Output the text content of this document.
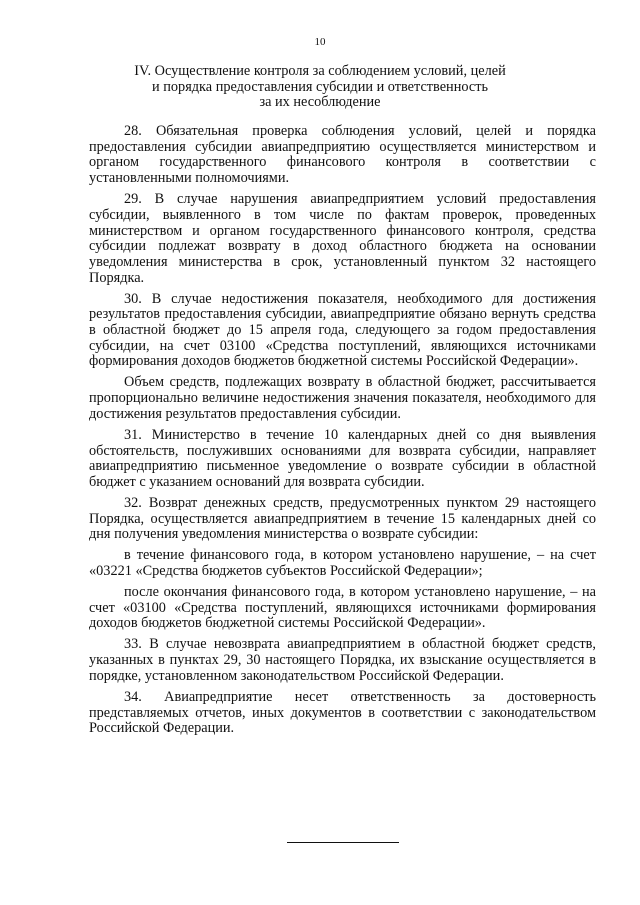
10
IV. Осуществление контроля за соблюдением условий, целей
и порядка предоставления субсидии и ответственность
за их несоблюдение

28. Обязательная проверка соблюдения условий, целей и порядка предоставления субсидии авиапредприятию осуществляется министерством и органом государственного финансового контроля в соответствии с установленными полномочиями.

29. В случае нарушения авиапредприятием условий предоставления субсидии, выявленного в том числе по фактам проверок, проведенных министерством и органом государственного финансового контроля, средства субсидии подлежат возврату в доход областного бюджета на основании уведомления министерства в срок, установленный пунктом 32 настоящего Порядка.

30. В случае недостижения показателя, необходимого для достижения результатов предоставления субсидии, авиапредприятие обязано вернуть средства в областной бюджет до 15 апреля года, следующего за годом предоставления субсидии, на счет 03100 «Средства поступлений, являющихся источниками формирования доходов бюджетов бюджетной системы Российской Федерации».

Объем средств, подлежащих возврату в областной бюджет, рассчитывается пропорционально величине недостижения значения показателя, необходимого для достижения результатов предоставления субсидии.

31. Министерство в течение 10 календарных дней со дня выявления обстоятельств, послуживших основаниями для возврата субсидии, направляет авиапредприятию письменное уведомление о возврате субсидии в областной бюджет с указанием оснований для возврата субсидии.

32. Возврат денежных средств, предусмотренных пунктом 29 настоящего Порядка, осуществляется авиапредприятием в течение 15 календарных дней со дня получения уведомления министерства о возврате субсидии:

в течение финансового года, в котором установлено нарушение, – на счет «03221 «Средства бюджетов субъектов Российской Федерации»;

после окончания финансового года, в котором установлено нарушение, – на счет «03100 «Средства поступлений, являющихся источниками формирования доходов бюджетов бюджетной системы Российской Федерации».

33. В случае невозврата авиапредприятием в областной бюджет средств, указанных в пунктах 29, 30 настоящего Порядка, их взыскание осуществляется в порядке, установленном законодательством Российской Федерации.

34. Авиапредприятие несет ответственность за достоверность представляемых отчетов, иных документов в соответствии с законодательством Российской Федерации.
